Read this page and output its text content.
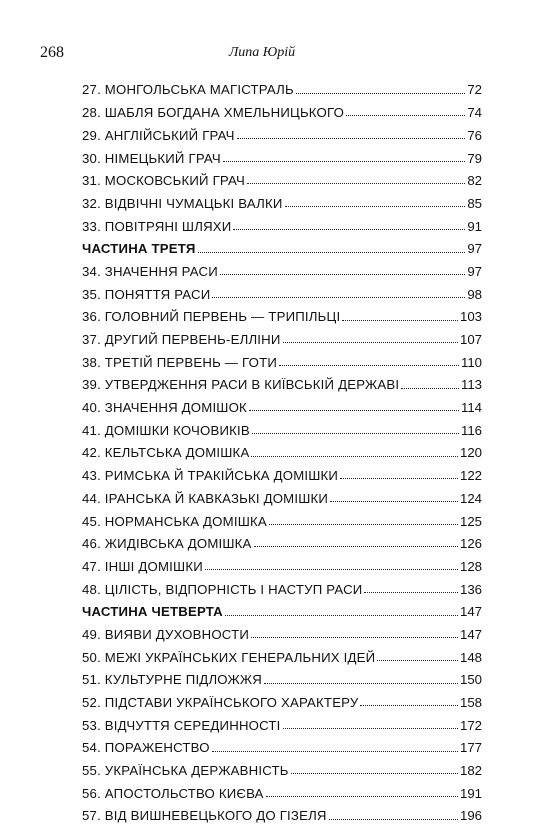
268	Липа Юрій
27. МОНГОЛЬСЬКА МАГІСТРАЛЬ	72
28. ШАБЛЯ БОГДАНА ХМЕЛЬНИЦЬКОГО	74
29. АНГЛІЙСЬКИЙ ГРАЧ	76
30. НІМЕЦЬКИЙ ГРАЧ	79
31. МОСКОВСЬКИЙ ГРАЧ	82
32. ВІДВІЧНІ ЧУМАЦЬКІ ВАЛКИ	85
33. ПОВІТРЯНІ ШЛЯХИ	91
ЧАСТИНА ТРЕТЯ	97
34. ЗНАЧЕННЯ РАСИ	97
35. ПОНЯТТЯ РАСИ	98
36. ГОЛОВНИЙ ПЕРВЕНЬ — ТРИПІЛЬЦІ	103
37. ДРУГИЙ ПЕРВЕНЬ-ЕЛЛІНИ	107
38. ТРЕТІЙ ПЕРВЕНЬ — ГОТИ	110
39. УТВЕРДЖЕННЯ РАСИ В КИЇВСЬКІЙ ДЕРЖАВІ	113
40. ЗНАЧЕННЯ ДОМІШОК	114
41. ДОМІШКИ КОЧОВИКІВ	116
42. КЕЛЬТСЬКА ДОМІШКА	120
43. РИМСЬКА Й ТРАКІЙСЬКА ДОМІШКИ	122
44. ІРАНСЬКА Й КАВКАЗЬКІ ДОМІШКИ	124
45. НОРМАНСЬКА ДОМІШКА	125
46. ЖИДІВСЬКА ДОМІШКА	126
47. ІНШІ ДОМІШКИ	128
48. ЦІЛІСТЬ, ВІДПОРНІСТЬ І НАСТУП РАСИ	136
ЧАСТИНА ЧЕТВЕРТА	147
49. ВИЯВИ ДУХОВНОСТИ	147
50. МЕЖІ УКРАЇНСЬКИХ ГЕНЕРАЛЬНИХ ІДЕЙ	148
51. КУЛЬТУРНЕ ПІДЛОЖЖЯ	150
52. ПІДСТАВИ УКРАЇНСЬКОГО ХАРАКТЕРУ	158
53. ВІДЧУТТЯ СЕРЕДИННОСТІ	172
54. ПОРАЖЕНСТВО	177
55. УКРАЇНСЬКА ДЕРЖАВНІСТЬ	182
56. АПОСТОЛЬСТВО КИЄВА	191
57. ВІД ВИШНЕВЕЦЬКОГО ДО ГІЗЕЛЯ	196
